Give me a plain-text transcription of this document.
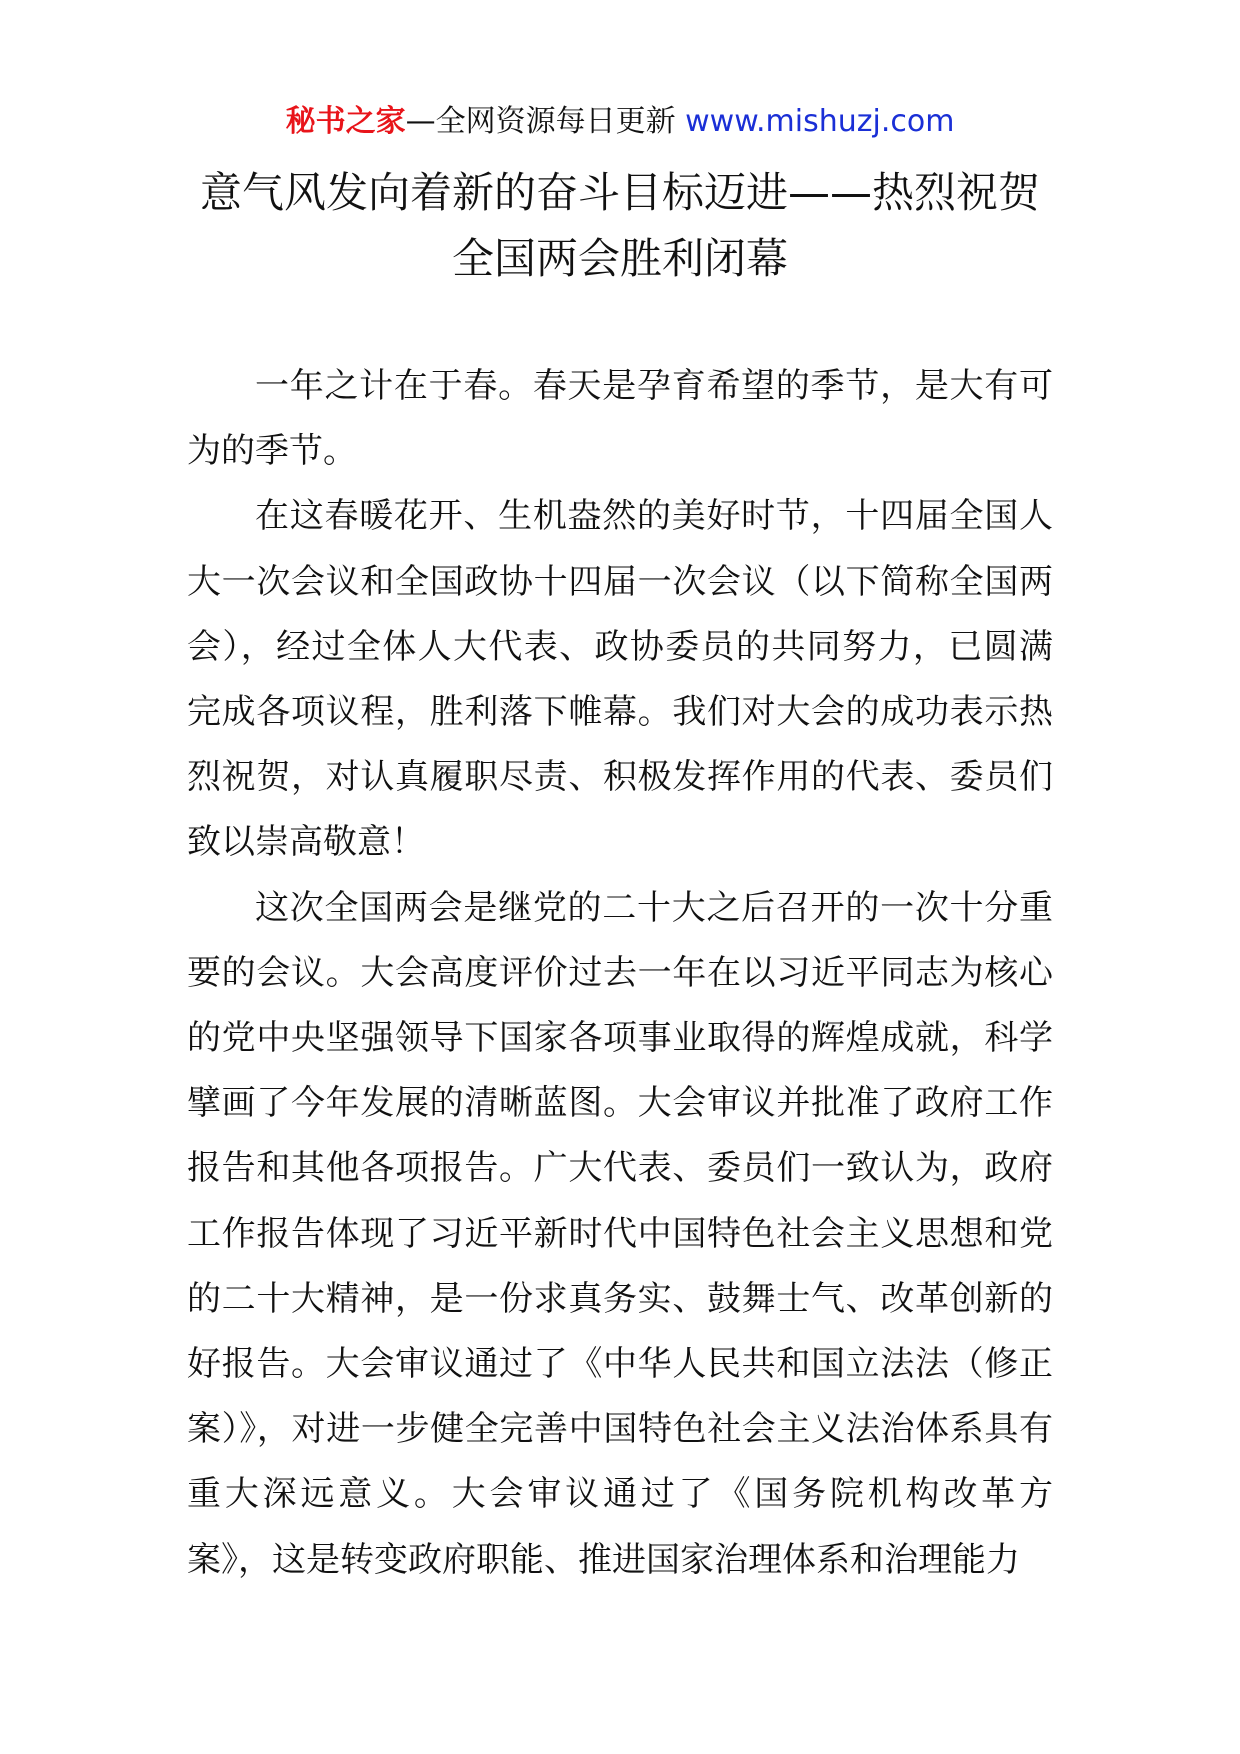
秘书之家—全网资源每日更新 www.mishuzj.com
意气风发向着新的奋斗目标迈进——热烈祝贺全国两会胜利闭幕

一年之计在于春。春天是孕育希望的季节，是大有可为的季节。

在这春暖花开、生机盎然的美好时节，十四届全国人大一次会议和全国政协十四届一次会议（以下简称全国两会），经过全体人大代表、政协委员的共同努力，已圆满完成各项议程，胜利落下帷幕。我们对大会的成功表示热烈祝贺，对认真履职尽责、积极发挥作用的代表、委员们致以崇高敬意！

这次全国两会是继党的二十大之后召开的一次十分重要的会议。大会高度评价过去一年在以习近平同志为核心的党中央坚强领导下国家各项事业取得的辉煌成就，科学擘画了今年发展的清晰蓝图。大会审议并批准了政府工作报告和其他各项报告。广大代表、委员们一致认为，政府工作报告体现了习近平新时代中国特色社会主义思想和党的二十大精神，是一份求真务实、鼓舞士气、改革创新的好报告。大会审议通过了《中华人民共和国立法法（修正案）》，对进一步健全完善中国特色社会主义法治体系具有重大深远意义。大会审议通过了《国务院机构改革方案》，这是转变政府职能、推进国家治理体系和治理能力
